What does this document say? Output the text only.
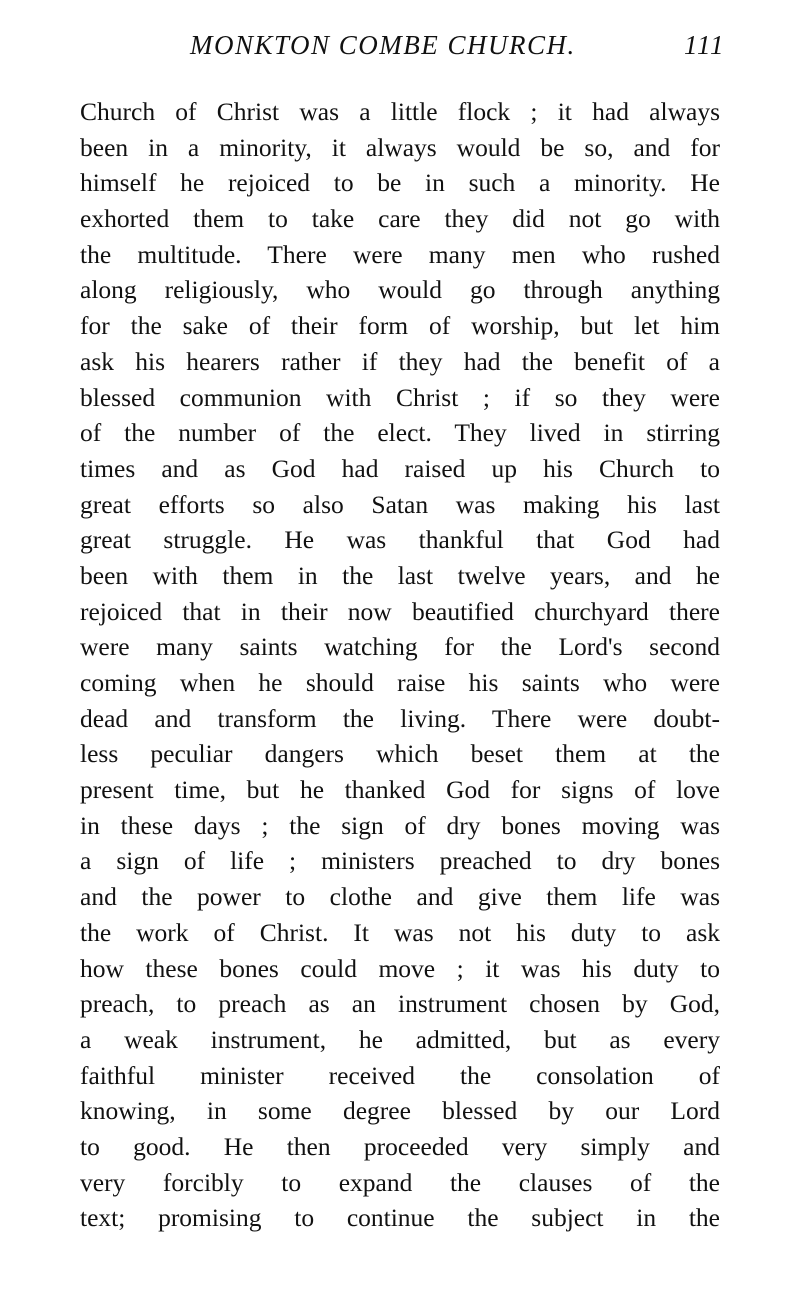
MONKTON COMBE CHURCH.	111
Church of Christ was a little flock ; it had always
been in a minority, it always would be so, and for
himself he rejoiced to be in such a minority. He
exhorted them to take care they did not go with
the multitude. There were many men who rushed
along religiously, who would go through anything
for the sake of their form of worship, but let him
ask his hearers rather if they had the benefit of a
blessed communion with Christ ; if so they were
of the number of the elect. They lived in stirring
times and as God had raised up his Church to
great efforts so also Satan was making his last
great struggle. He was thankful that God had
been with them in the last twelve years, and he
rejoiced that in their now beautified churchyard there
were many saints watching for the Lord's second
coming when he should raise his saints who were
dead and transform the living. There were doubt-
less peculiar dangers which beset them at the
present time, but he thanked God for signs of love
in these days ; the sign of dry bones moving was
a sign of life ; ministers preached to dry bones
and the power to clothe and give them life was
the work of Christ. It was not his duty to ask
how these bones could move ; it was his duty to
preach, to preach as an instrument chosen by God,
a weak instrument, he admitted, but as every
faithful minister received the consolation of
knowing, in some degree blessed by our Lord
to good. He then proceeded very simply and
very forcibly to expand the clauses of the
text; promising to continue the subject in the
